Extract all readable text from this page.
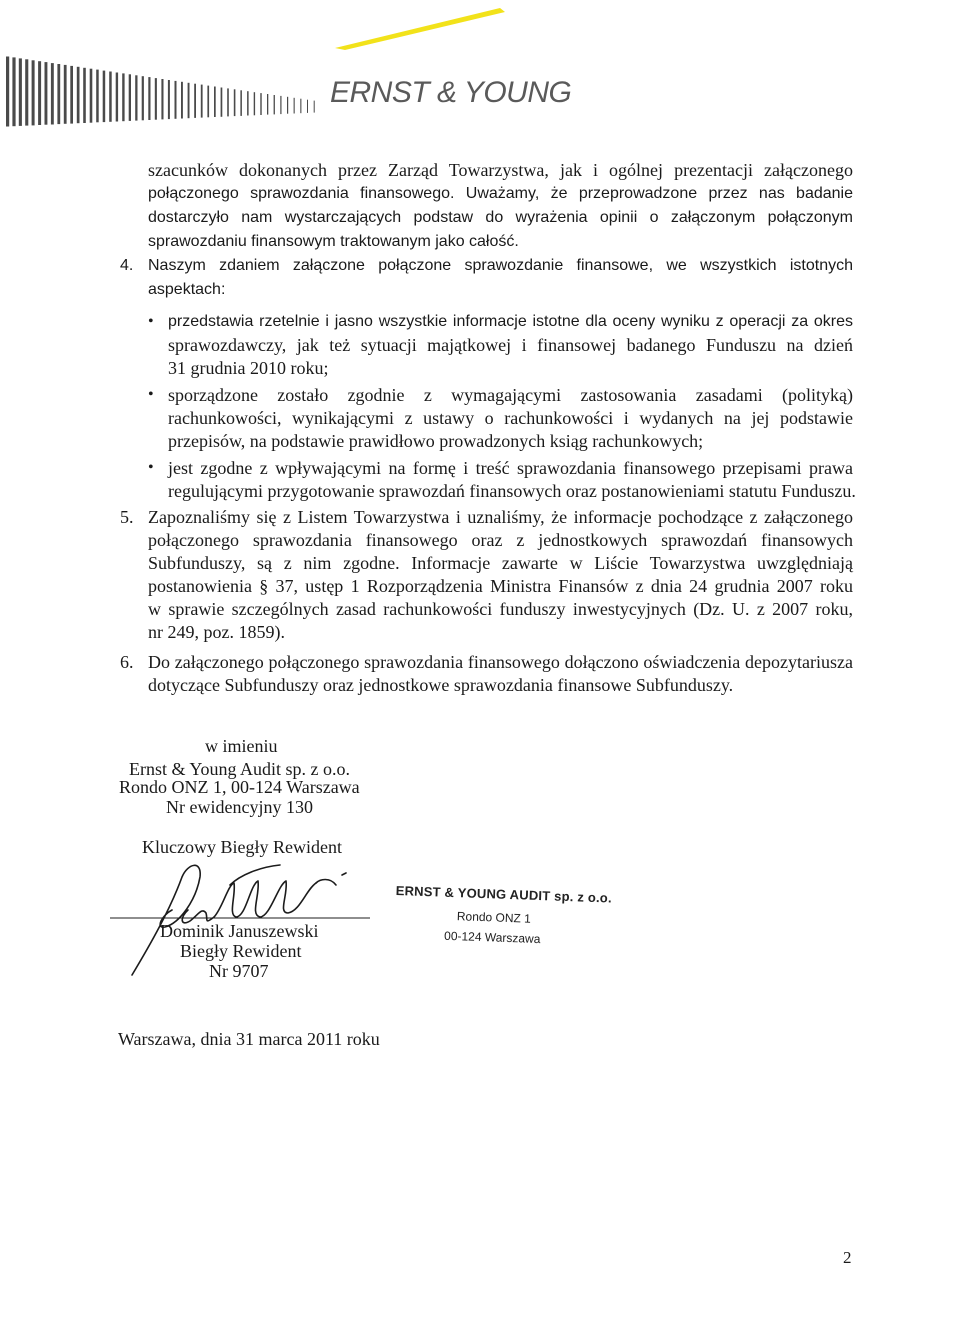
ERNST & YOUNG
szacunków dokonanych przez Zarząd Towarzystwa, jak i ogólnej prezentacji załączonego
połączonego sprawozdania finansowego. Uważamy, że przeprowadzone przez nas badanie
dostarczyło nam wystarczających podstaw do wyrażenia opinii o załączonym połączonym
sprawozdaniu finansowym traktowanym jako całość.
4. Naszym zdaniem załączone połączone sprawozdanie finansowe, we wszystkich istotnych
aspektach:
• przedstawia rzetelnie i jasno wszystkie informacje istotne dla oceny wyniku z operacji za okres
sprawozdawczy, jak też sytuacji majątkowej i finansowej badanego Funduszu na dzień
31 grudnia 2010 roku;
• sporządzone zostało zgodnie z wymagającymi zastosowania zasadami (polityką)
rachunkowości, wynikającymi z ustawy o rachunkowości i wydanych na jej podstawie
przepisów, na podstawie prawidłowo prowadzonych ksiąg rachunkowych;
• jest zgodne z wpływającymi na formę i treść sprawozdania finansowego przepisami prawa
regulującymi przygotowanie sprawozdań finansowych oraz postanowieniami statutu Funduszu.
5. Zapoznaliśmy się z Listem Towarzystwa i uznaliśmy, że informacje pochodzące z załączonego
połączonego sprawozdania finansowego oraz z jednostkowych sprawozdań finansowych
Subfunduszy, są z nim zgodne. Informacje zawarte w Liście Towarzystwa uwzględniają
postanowienia § 37, ustęp 1 Rozporządzenia Ministra Finansów z dnia 24 grudnia 2007 roku
w sprawie szczególnych zasad rachunkowości funduszy inwestycyjnych (Dz. U. z 2007 roku,
nr 249, poz. 1859).
6. Do załączonego połączonego sprawozdania finansowego dołączono oświadczenia depozytariusza
dotyczące Subfunduszy oraz jednostkowe sprawozdania finansowe Subfunduszy.
w imieniu
Ernst & Young Audit sp. z o.o.
Rondo ONZ 1, 00-124 Warszawa
Nr ewidencyjny 130
Kluczowy Biegły Rewident
Dominik Januszewski
Biegły Rewident
Nr 9707
ERNST & YOUNG AUDIT sp. z o.o.
Rondo ONZ 1
00-124 Warszawa
Warszawa, dnia 31 marca 2011 roku
2
